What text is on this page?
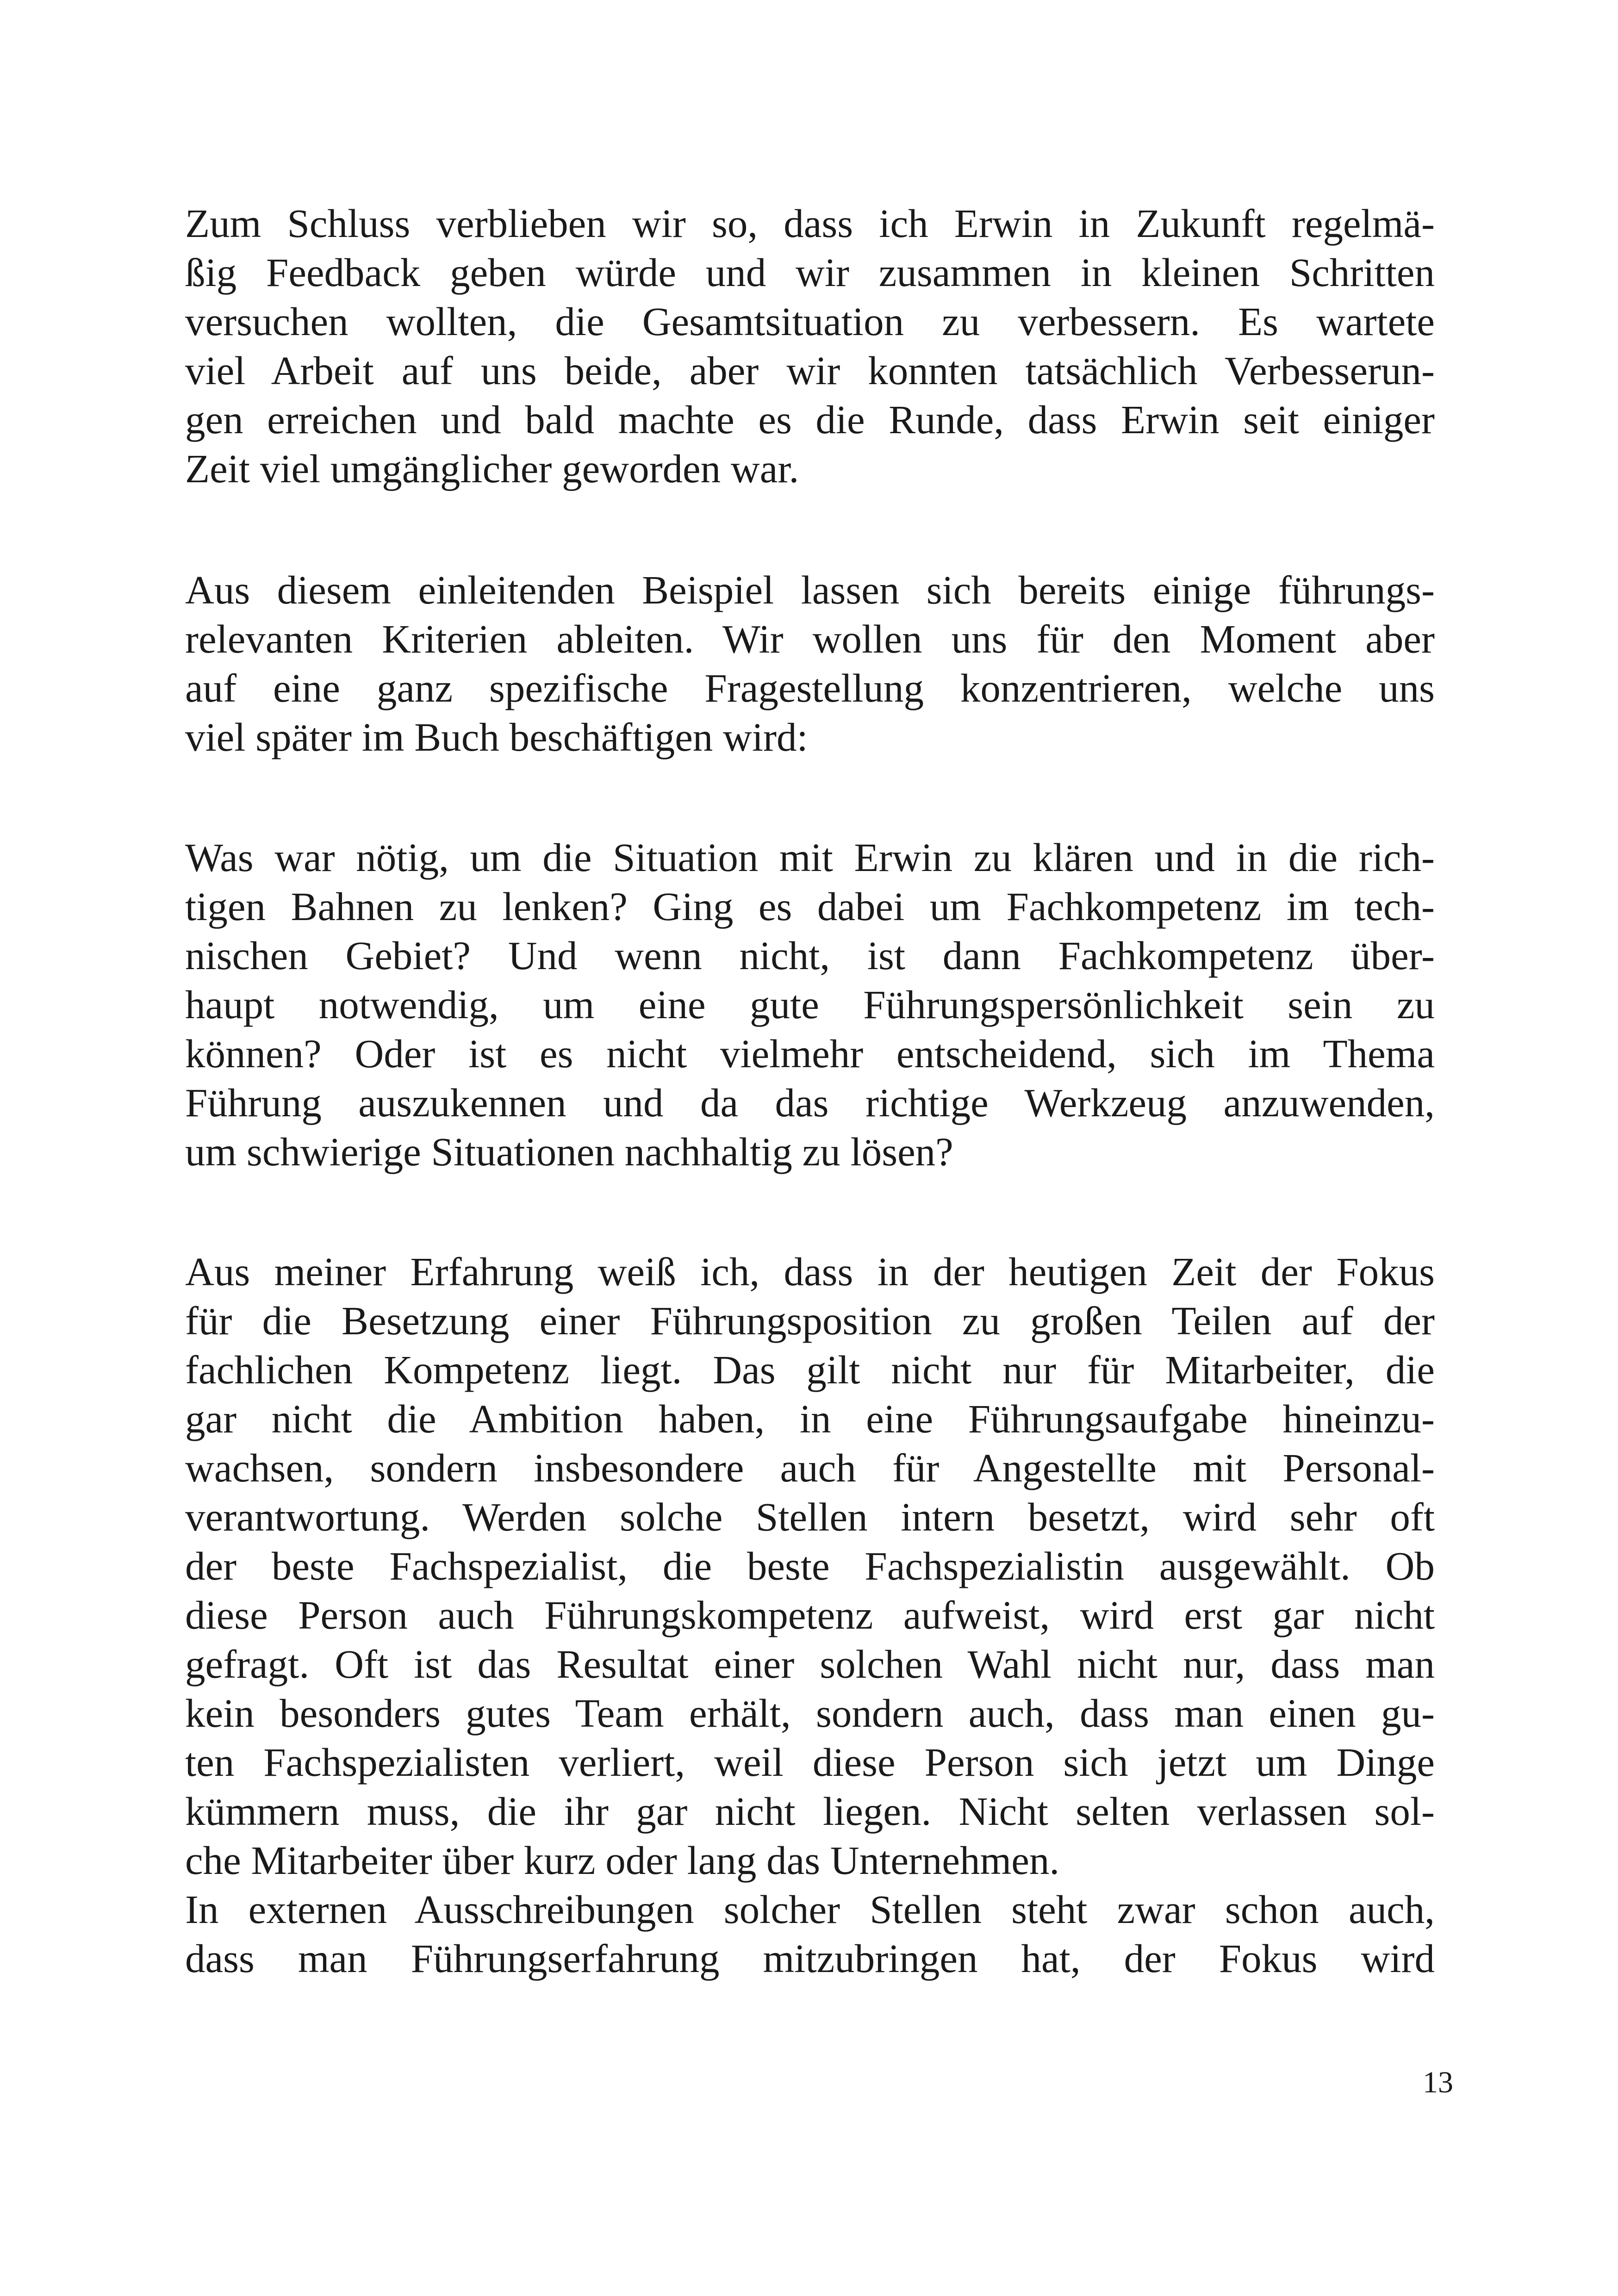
Zum Schluss verblieben wir so, dass ich Erwin in Zukunft regelmä-
ßig Feedback geben würde und wir zusammen in kleinen Schritten
versuchen wollten, die Gesamtsituation zu verbessern. Es wartete
viel Arbeit auf uns beide, aber wir konnten tatsächlich Verbesserun-
gen erreichen und bald machte es die Runde, dass Erwin seit einiger
Zeit viel umgänglicher geworden war.
Aus diesem einleitenden Beispiel lassen sich bereits einige führungs-
relevanten Kriterien ableiten. Wir wollen uns für den Moment aber
auf eine ganz spezifische Fragestellung konzentrieren, welche uns
viel später im Buch beschäftigen wird:
Was war nötig, um die Situation mit Erwin zu klären und in die rich-
tigen Bahnen zu lenken? Ging es dabei um Fachkompetenz im tech-
nischen Gebiet? Und wenn nicht, ist dann Fachkompetenz über-
haupt notwendig, um eine gute Führungspersönlichkeit sein zu
können? Oder ist es nicht vielmehr entscheidend, sich im Thema
Führung auszukennen und da das richtige Werkzeug anzuwenden,
um schwierige Situationen nachhaltig zu lösen?
Aus meiner Erfahrung weiß ich, dass in der heutigen Zeit der Fokus
für die Besetzung einer Führungsposition zu großen Teilen auf der
fachlichen Kompetenz liegt. Das gilt nicht nur für Mitarbeiter, die
gar nicht die Ambition haben, in eine Führungsaufgabe hineinzu-
wachsen, sondern insbesondere auch für Angestellte mit Personal-
verantwortung. Werden solche Stellen intern besetzt, wird sehr oft
der beste Fachspezialist, die beste Fachspezialistin ausgewählt. Ob
diese Person auch Führungskompetenz aufweist, wird erst gar nicht
gefragt. Oft ist das Resultat einer solchen Wahl nicht nur, dass man
kein besonders gutes Team erhält, sondern auch, dass man einen gu-
ten Fachspezialisten verliert, weil diese Person sich jetzt um Dinge
kümmern muss, die ihr gar nicht liegen. Nicht selten verlassen sol-
che Mitarbeiter über kurz oder lang das Unternehmen.
In externen Ausschreibungen solcher Stellen steht zwar schon auch,
dass man Führungserfahrung mitzubringen hat, der Fokus wird
13
